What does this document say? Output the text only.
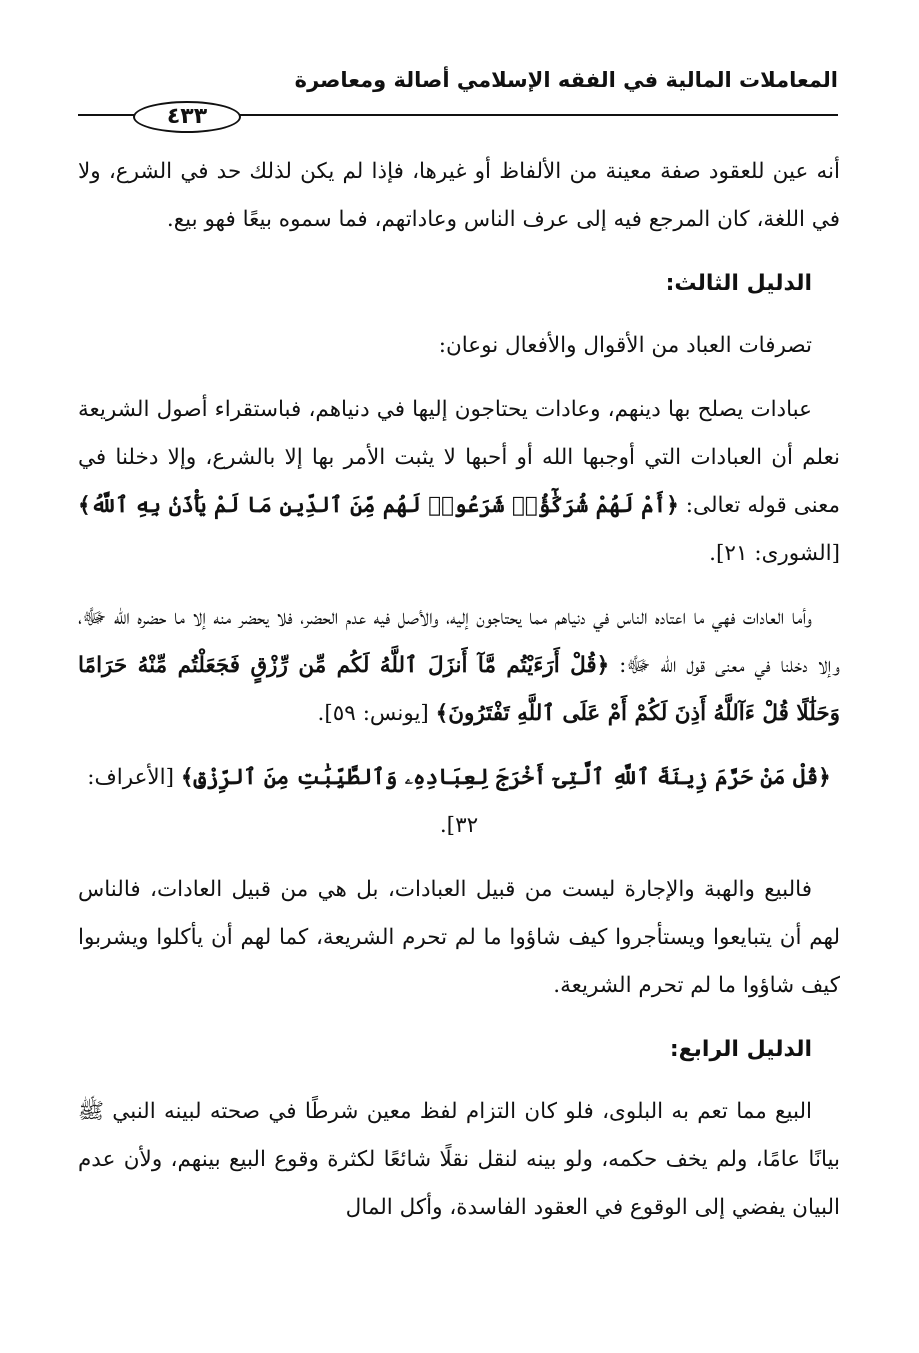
المعاملات المالية في الفقه الإسلامي أصالة ومعاصرة
٤٣٣

أنه عين للعقود صفة معينة من الألفاظ أو غيرها، فإذا لم يكن لذلك حد في الشرع، ولا في اللغة، كان المرجع فيه إلى عرف الناس وعاداتهم، فما سموه بيعًا فهو بيع.

الدليل الثالث:

تصرفات العباد من الأقوال والأفعال نوعان:

عبادات يصلح بها دينهم، وعادات يحتاجون إليها في دنياهم، فباستقراء أصول الشريعة نعلم أن العبادات التي أوجبها الله أو أحبها لا يثبت الأمر بها إلا بالشرع، وإلا دخلنا في معنى قوله تعالى: ﴿أَمْ لَهُمْ شُرَكَٰٓؤُا۟ شَرَعُوا۟ لَهُم مِّنَ ٱلدِّينِ مَا لَمْ يَأْذَنۢ بِهِ ٱللَّهُ﴾ [الشورى: ٢١].

وأما العادات فهي ما اعتاده الناس في دنياهم مما يحتاجون إليه، والأصل فيه عدم الحضر، فلا يحضر منه إلا ما حضره الله ﷻ، وإلا دخلنا في معنى قول الله ﷻ: ﴿قُلْ أَرَءَيْتُم مَّآ أَنزَلَ ٱللَّهُ لَكُم مِّن رِّزْقٍ فَجَعَلْتُم مِّنْهُ حَرَامًا وَحَلَٰلًا قُلْ ءَآللَّهُ أَذِنَ لَكُمْ أَمْ عَلَى ٱللَّهِ تَفْتَرُونَ﴾ [يونس: ٥٩].

﴿قُلْ مَنْ حَرَّمَ زِينَةَ ٱللَّهِ ٱلَّتِىٓ أَخْرَجَ لِعِبَادِهِۦ وَٱلطَّيِّبَٰتِ مِنَ ٱلرِّزْقِ﴾ [الأعراف: ٣٢].

فالبيع والهبة والإجارة ليست من قبيل العبادات، بل هي من قبيل العادات، فالناس لهم أن يتبايعوا ويستأجروا كيف شاؤوا ما لم تحرم الشريعة، كما لهم أن يأكلوا ويشربوا كيف شاؤوا ما لم تحرم الشريعة.

الدليل الرابع:

البيع مما تعم به البلوى، فلو كان التزام لفظ معين شرطًا في صحته لبينه النبي ﷺ بيانًا عامًا، ولم يخف حكمه، ولو بينه لنقل نقلًا شائعًا لكثرة وقوع البيع بينهم، ولأن عدم البيان يفضي إلى الوقوع في العقود الفاسدة، وأكل المال
